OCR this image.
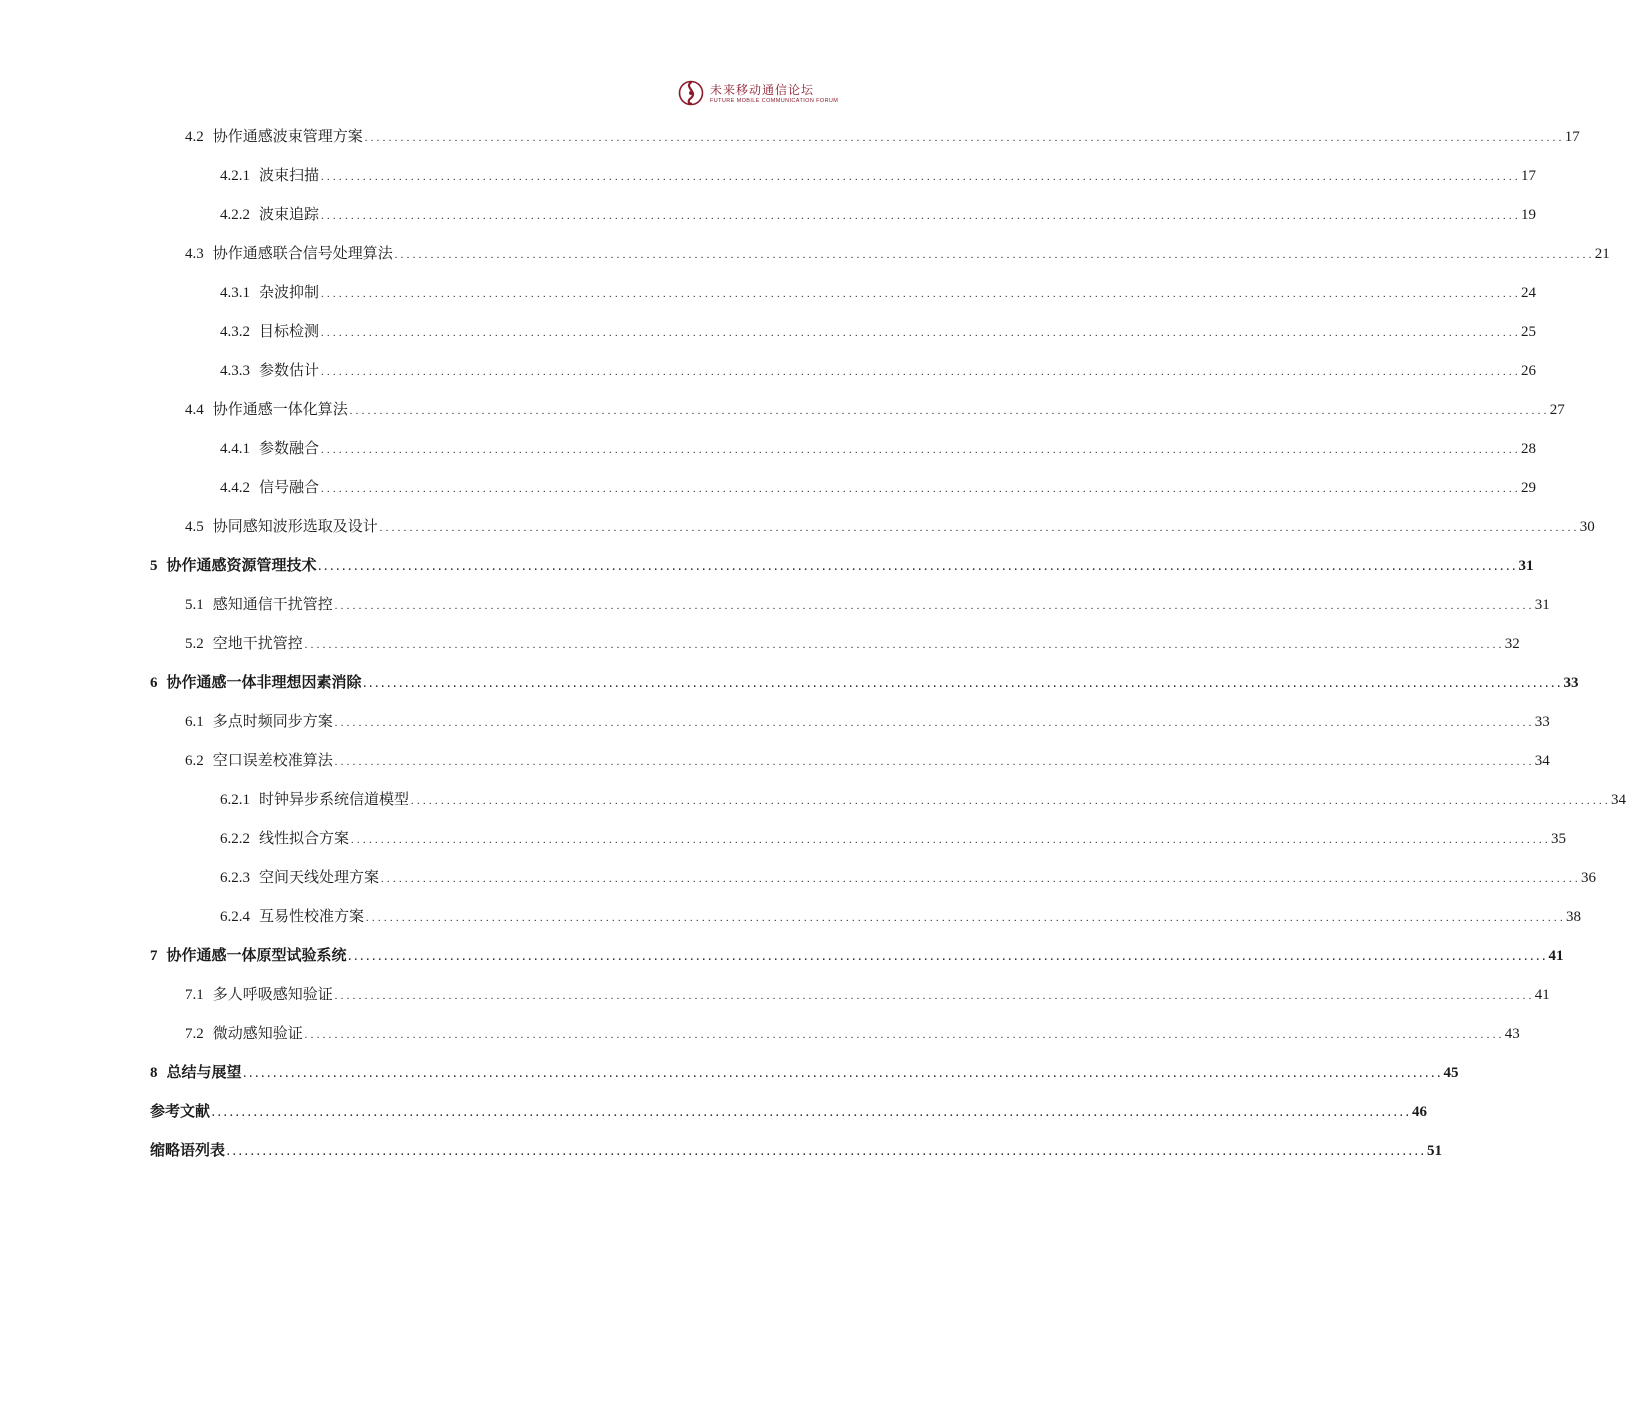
未来移动通信论坛
FUTURE MOBILE COMMUNICATION FORUM
4.2 协作通感波束管理方案 . . . . . . . . . . . . . . . . . . . . . . . . . . . . . . . . . . . . . . . . . . . . . . . . . . . . . . . . . . . . . . . . . . . . . . . . . . . . . . . . . . . . . . . . . . . . . . . . . . . . . . . . . . . . . . . . . . . . . . . . . . . . . . . . . . . . . . . . . . . . . . . . . . . . . . . . . . . . . . . . . . . . . . . . . . . . . . . . . . . . . . . . . . . . . . . . . . . . . . . . 17
4.2.1 波束扫描 . . . . . . . . . . . . . . . . . . . . . . . . . . . . . . . . . . . . . . . . . . . . . . . . . . . . . . . . . . . . . . . . . . . . . . . . . . . . . . . . . . . . . . . . . . . . . . . . . . . . . . . . . . . . . . . . . . . . . . . . . . . . . . . . . . . . . . . . . . . . . . . . . . . . . . . . . . . . . . . . . . . . . . . . . . . . . . . . . . . . . . . . . . . . . . . . . . . . . . . . 17
4.2.2 波束追踪 . . . . . . . . . . . . . . . . . . . . . . . . . . . . . . . . . . . . . . . . . . . . . . . . . . . . . . . . . . . . . . . . . . . . . . . . . . . . . . . . . . . . . . . . . . . . . . . . . . . . . . . . . . . . . . . . . . . . . . . . . . . . . . . . . . . . . . . . . . . . . . . . . . . . . . . . . . . . . . . . . . . . . . . . . . . . . . . . . . . . . . . . . . . . . . . . . . . . . . . . 19
4.3 协作通感联合信号处理算法 . . . . . . . . . . . . . . . . . . . . . . . . . . . . . . . . . . . . . . . . . . . . . . . . . . . . . . . . . . . . . . . . . . . . . . . . . . . . . . . . . . . . . . . . . . . . . . . . . . . . . . . . . . . . . . . . . . . . . . . . . . . . . . . . . . . . . . . . . . . . . . . . . . . . . . . . . . . . . . . . . . . . . . . . . . . . . . . . . . . . . . . . . . . . . . . . . . . . . . . . 21
4.3.1 杂波抑制 . . . . . . . . . . . . . . . . . . . . . . . . . . . . . . . . . . . . . . . . . . . . . . . . . . . . . . . . . . . . . . . . . . . . . . . . . . . . . . . . . . . . . . . . . . . . . . . . . . . . . . . . . . . . . . . . . . . . . . . . . . . . . . . . . . . . . . . . . . . . . . . . . . . . . . . . . . . . . . . . . . . . . . . . . . . . . . . . . . . . . . . . . . . . . . . . . . . . . . . . 24
4.3.2 目标检测 . . . . . . . . . . . . . . . . . . . . . . . . . . . . . . . . . . . . . . . . . . . . . . . . . . . . . . . . . . . . . . . . . . . . . . . . . . . . . . . . . . . . . . . . . . . . . . . . . . . . . . . . . . . . . . . . . . . . . . . . . . . . . . . . . . . . . . . . . . . . . . . . . . . . . . . . . . . . . . . . . . . . . . . . . . . . . . . . . . . . . . . . . . . . . . . . . . . . . . . . 25
4.3.3 参数估计 . . . . . . . . . . . . . . . . . . . . . . . . . . . . . . . . . . . . . . . . . . . . . . . . . . . . . . . . . . . . . . . . . . . . . . . . . . . . . . . . . . . . . . . . . . . . . . . . . . . . . . . . . . . . . . . . . . . . . . . . . . . . . . . . . . . . . . . . . . . . . . . . . . . . . . . . . . . . . . . . . . . . . . . . . . . . . . . . . . . . . . . . . . . . . . . . . . . . . . . . 26
4.4 协作通感一体化算法 . . . . . . . . . . . . . . . . . . . . . . . . . . . . . . . . . . . . . . . . . . . . . . . . . . . . . . . . . . . . . . . . . . . . . . . . . . . . . . . . . . . . . . . . . . . . . . . . . . . . . . . . . . . . . . . . . . . . . . . . . . . . . . . . . . . . . . . . . . . . . . . . . . . . . . . . . . . . . . . . . . . . . . . . . . . . . . . . . . . . . . . . . . . . . . . . . . . . . . . . 27
4.4.1 参数融合 . . . . . . . . . . . . . . . . . . . . . . . . . . . . . . . . . . . . . . . . . . . . . . . . . . . . . . . . . . . . . . . . . . . . . . . . . . . . . . . . . . . . . . . . . . . . . . . . . . . . . . . . . . . . . . . . . . . . . . . . . . . . . . . . . . . . . . . . . . . . . . . . . . . . . . . . . . . . . . . . . . . . . . . . . . . . . . . . . . . . . . . . . . . . . . . . . . . . . . . . 28
4.4.2 信号融合 . . . . . . . . . . . . . . . . . . . . . . . . . . . . . . . . . . . . . . . . . . . . . . . . . . . . . . . . . . . . . . . . . . . . . . . . . . . . . . . . . . . . . . . . . . . . . . . . . . . . . . . . . . . . . . . . . . . . . . . . . . . . . . . . . . . . . . . . . . . . . . . . . . . . . . . . . . . . . . . . . . . . . . . . . . . . . . . . . . . . . . . . . . . . . . . . . . . . . . . . 29
4.5 协同感知波形选取及设计 . . . . . . . . . . . . . . . . . . . . . . . . . . . . . . . . . . . . . . . . . . . . . . . . . . . . . . . . . . . . . . . . . . . . . . . . . . . . . . . . . . . . . . . . . . . . . . . . . . . . . . . . . . . . . . . . . . . . . . . . . . . . . . . . . . . . . . . . . . . . . . . . . . . . . . . . . . . . . . . . . . . . . . . . . . . . . . . . . . . . . . . . . . . . . . . . . . . . . . . . 30
5 协作通感资源管理技术 . . . . . . . . . . . . . . . . . . . . . . . . . . . . . . . . . . . . . . . . . . . . . . . . . . . . . . . . . . . . . . . . . . . . . . . . . . . . . . . . . . . . . . . . . . . . . . . . . . . . . . . . . . . . . . . . . . . . . . . . . . . . . . . . . . . . . . . . . . . . . . . . . . . . . . . . . . . . . . . . . . . . . . . . . . . . . . . . . . . . . . . . . . . . . . . . . . . . . . . . 31
5.1 感知通信干扰管控 . . . . . . . . . . . . . . . . . . . . . . . . . . . . . . . . . . . . . . . . . . . . . . . . . . . . . . . . . . . . . . . . . . . . . . . . . . . . . . . . . . . . . . . . . . . . . . . . . . . . . . . . . . . . . . . . . . . . . . . . . . . . . . . . . . . . . . . . . . . . . . . . . . . . . . . . . . . . . . . . . . . . . . . . . . . . . . . . . . . . . . . . . . . . . . . . . . . . . . . . 31
5.2 空地干扰管控 . . . . . . . . . . . . . . . . . . . . . . . . . . . . . . . . . . . . . . . . . . . . . . . . . . . . . . . . . . . . . . . . . . . . . . . . . . . . . . . . . . . . . . . . . . . . . . . . . . . . . . . . . . . . . . . . . . . . . . . . . . . . . . . . . . . . . . . . . . . . . . . . . . . . . . . . . . . . . . . . . . . . . . . . . . . . . . . . . . . . . . . . . . . . . . . . . . . . . . . . 32
6 协作通感一体非理想因素消除 . . . . . . . . . . . . . . . . . . . . . . . . . . . . . . . . . . . . . . . . . . . . . . . . . . . . . . . . . . . . . . . . . . . . . . . . . . . . . . . . . . . . . . . . . . . . . . . . . . . . . . . . . . . . . . . . . . . . . . . . . . . . . . . . . . . . . . . . . . . . . . . . . . . . . . . . . . . . . . . . . . . . . . . . . . . . . . . . . . . . . . . . . . . . . . . . . . . . . . . . 33
6.1 多点时频同步方案 . . . . . . . . . . . . . . . . . . . . . . . . . . . . . . . . . . . . . . . . . . . . . . . . . . . . . . . . . . . . . . . . . . . . . . . . . . . . . . . . . . . . . . . . . . . . . . . . . . . . . . . . . . . . . . . . . . . . . . . . . . . . . . . . . . . . . . . . . . . . . . . . . . . . . . . . . . . . . . . . . . . . . . . . . . . . . . . . . . . . . . . . . . . . . . . . . . . . . . . . 33
6.2 空口误差校准算法 . . . . . . . . . . . . . . . . . . . . . . . . . . . . . . . . . . . . . . . . . . . . . . . . . . . . . . . . . . . . . . . . . . . . . . . . . . . . . . . . . . . . . . . . . . . . . . . . . . . . . . . . . . . . . . . . . . . . . . . . . . . . . . . . . . . . . . . . . . . . . . . . . . . . . . . . . . . . . . . . . . . . . . . . . . . . . . . . . . . . . . . . . . . . . . . . . . . . . . . . 34
6.2.1 时钟异步系统信道模型 . . . . . . . . . . . . . . . . . . . . . . . . . . . . . . . . . . . . . . . . . . . . . . . . . . . . . . . . . . . . . . . . . . . . . . . . . . . . . . . . . . . . . . . . . . . . . . . . . . . . . . . . . . . . . . . . . . . . . . . . . . . . . . . . . . . . . . . . . . . . . . . . . . . . . . . . . . . . . . . . . . . . . . . . . . . . . . . . . . . . . . . . . . . . . . . . . . . . . . . . 34
6.2.2 线性拟合方案 . . . . . . . . . . . . . . . . . . . . . . . . . . . . . . . . . . . . . . . . . . . . . . . . . . . . . . . . . . . . . . . . . . . . . . . . . . . . . . . . . . . . . . . . . . . . . . . . . . . . . . . . . . . . . . . . . . . . . . . . . . . . . . . . . . . . . . . . . . . . . . . . . . . . . . . . . . . . . . . . . . . . . . . . . . . . . . . . . . . . . . . . . . . . . . . . . . . . . . . . 35
6.2.3 空间天线处理方案 . . . . . . . . . . . . . . . . . . . . . . . . . . . . . . . . . . . . . . . . . . . . . . . . . . . . . . . . . . . . . . . . . . . . . . . . . . . . . . . . . . . . . . . . . . . . . . . . . . . . . . . . . . . . . . . . . . . . . . . . . . . . . . . . . . . . . . . . . . . . . . . . . . . . . . . . . . . . . . . . . . . . . . . . . . . . . . . . . . . . . . . . . . . . . . . . . . . . . . . . 36
6.2.4 互易性校准方案 . . . . . . . . . . . . . . . . . . . . . . . . . . . . . . . . . . . . . . . . . . . . . . . . . . . . . . . . . . . . . . . . . . . . . . . . . . . . . . . . . . . . . . . . . . . . . . . . . . . . . . . . . . . . . . . . . . . . . . . . . . . . . . . . . . . . . . . . . . . . . . . . . . . . . . . . . . . . . . . . . . . . . . . . . . . . . . . . . . . . . . . . . . . . . . . . . . . . . . . . 38
7 协作通感一体原型试验系统 . . . . . . . . . . . . . . . . . . . . . . . . . . . . . . . . . . . . . . . . . . . . . . . . . . . . . . . . . . . . . . . . . . . . . . . . . . . . . . . . . . . . . . . . . . . . . . . . . . . . . . . . . . . . . . . . . . . . . . . . . . . . . . . . . . . . . . . . . . . . . . . . . . . . . . . . . . . . . . . . . . . . . . . . . . . . . . . . . . . . . . . . . . . . . . . . . . . . . . . . 41
7.1 多人呼吸感知验证 . . . . . . . . . . . . . . . . . . . . . . . . . . . . . . . . . . . . . . . . . . . . . . . . . . . . . . . . . . . . . . . . . . . . . . . . . . . . . . . . . . . . . . . . . . . . . . . . . . . . . . . . . . . . . . . . . . . . . . . . . . . . . . . . . . . . . . . . . . . . . . . . . . . . . . . . . . . . . . . . . . . . . . . . . . . . . . . . . . . . . . . . . . . . . . . . . . . . . . . . 41
7.2 微动感知验证 . . . . . . . . . . . . . . . . . . . . . . . . . . . . . . . . . . . . . . . . . . . . . . . . . . . . . . . . . . . . . . . . . . . . . . . . . . . . . . . . . . . . . . . . . . . . . . . . . . . . . . . . . . . . . . . . . . . . . . . . . . . . . . . . . . . . . . . . . . . . . . . . . . . . . . . . . . . . . . . . . . . . . . . . . . . . . . . . . . . . . . . . . . . . . . . . . . . . . . . . 43
8 总结与展望 . . . . . . . . . . . . . . . . . . . . . . . . . . . . . . . . . . . . . . . . . . . . . . . . . . . . . . . . . . . . . . . . . . . . . . . . . . . . . . . . . . . . . . . . . . . . . . . . . . . . . . . . . . . . . . . . . . . . . . . . . . . . . . . . . . . . . . . . . . . . . . . . . . . . . . . . . . . . . . . . . . . . . . . . . . . . . . . . . . . . . . . . . . . . . . . . . . . . . . . . 45
参考文献 . . . . . . . . . . . . . . . . . . . . . . . . . . . . . . . . . . . . . . . . . . . . . . . . . . . . . . . . . . . . . . . . . . . . . . . . . . . . . . . . . . . . . . . . . . . . . . . . . . . . . . . . . . . . . . . . . . . . . . . . . . . . . . . . . . . . . . . . . . . . . . . . . . . . . . . . . . . . . . . . . . . . . . . . . . . . . . . . . . . . . . . . . . . . . . . . . . . . . . . . 46
缩略语列表 . . . . . . . . . . . . . . . . . . . . . . . . . . . . . . . . . . . . . . . . . . . . . . . . . . . . . . . . . . . . . . . . . . . . . . . . . . . . . . . . . . . . . . . . . . . . . . . . . . . . . . . . . . . . . . . . . . . . . . . . . . . . . . . . . . . . . . . . . . . . . . . . . . . . . . . . . . . . . . . . . . . . . . . . . . . . . . . . . . . . . . . . . . . . . . . . . . . . . . . . 51
